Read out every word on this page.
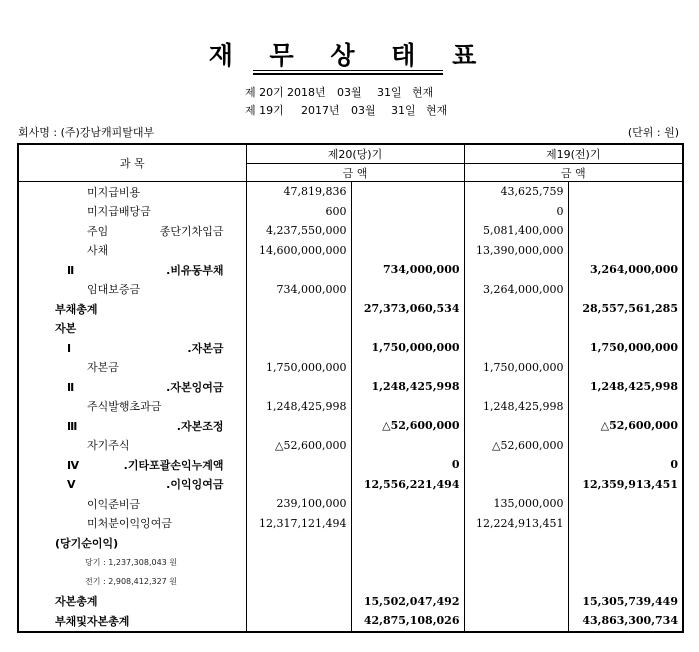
재 무 상 태 표
제 20기 2018년 03월 31일 현재
제 19기 2017년 03월 31일 현재
회사명 : (주)강남캐피탈대부	(단위 : 원)
과 목	제20(당)기		제19(전)기	
	금 액		금 액	
미지급비용	47,819,836		43,625,759	
미지급배당금	600		0	
주임 종단기차입금	4,237,550,000		5,081,400,000	
사채	14,600,000,000		13,390,000,000	
Ⅱ.비유동부채		734,000,000		3,264,000,000
임대보증금	734,000,000		3,264,000,000	
부채총계		27,373,060,534		28,557,561,285
자본				
Ⅰ.자본금		1,750,000,000		1,750,000,000
자본금	1,750,000,000		1,750,000,000	
Ⅱ.자본잉여금		1,248,425,998		1,248,425,998
주식발행초과금	1,248,425,998		1,248,425,998	
Ⅲ.자본조정		△52,600,000		△52,600,000
자기주식	△52,600,000		△52,600,000	
Ⅳ.기타포괄손익누계액		0		0
Ⅴ.이익잉여금		12,556,221,494		12,359,913,451
이익준비금	239,100,000		135,000,000	
미처분이익잉여금	12,317,121,494		12,224,913,451	
(당기순이익)				
당기 : 1,237,308,043 원				
전기 : 2,908,412,327 원				
자본총계		15,502,047,492		15,305,739,449
부채및자본총계		42,875,108,026		43,863,300,734
